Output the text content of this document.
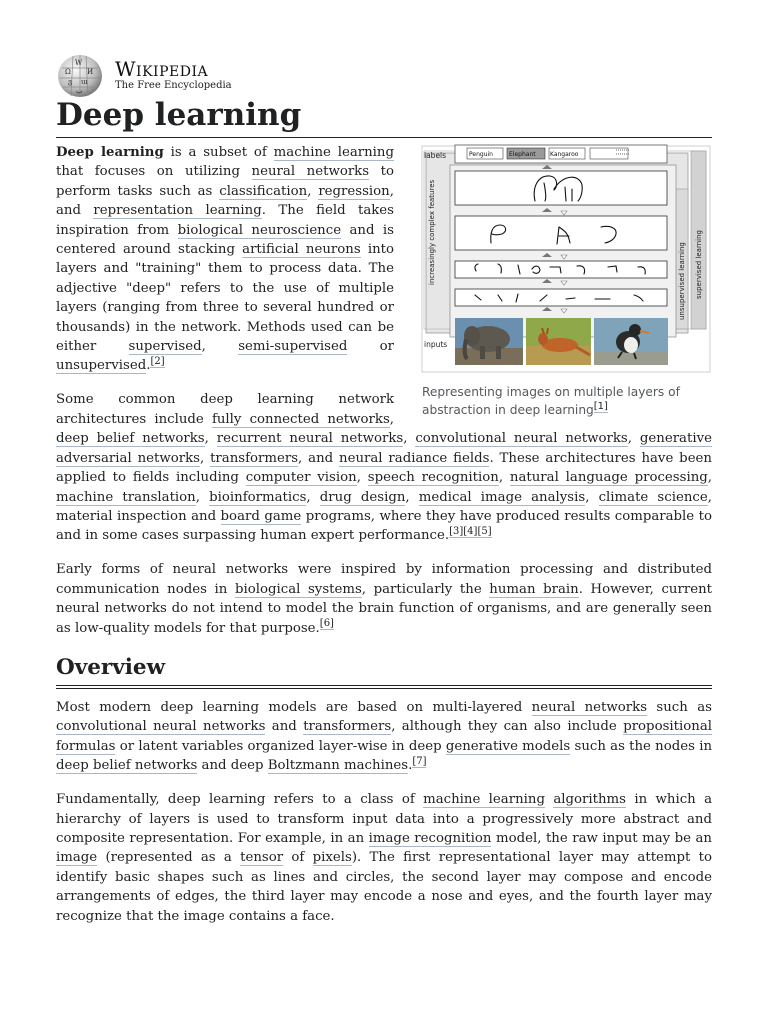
Ω
W
И
ვ ա
ب
Wikipedia
The Free Encyclopedia
Deep learning
labels
inputs
Penguin	Elephant Kangaroo
increasingly complex features	unsupervised learning supervised learning
Representing images on multiple layers of abstraction in deep learning[1]

Deep learning is a subset of machine learning that focuses on utilizing neural networks to perform tasks such as classification, regression, and representation learning. The field takes inspiration from biological neuroscience and is centered around stacking artificial neurons into layers and "training" them to process data. The adjective "deep" refers to the use of multiple layers (ranging from three to several hundred or thousands) in the network. Methods used can be either supervised, semi-supervised or unsupervised.[2]

Some common deep learning network architectures include fully connected networks, deep belief networks, recurrent neural networks, convolutional neural networks, generative adversarial networks, transformers, and neural radiance fields. These architectures have been applied to fields including computer vision, speech recognition, natural language processing, machine translation, bioinformatics, drug design, medical image analysis, climate science, material inspection and board game programs, where they have produced results comparable to and in some cases surpassing human expert performance.[3][4][5]

Early forms of neural networks were inspired by information processing and distributed communication nodes in biological systems, particularly the human brain. However, current neural networks do not intend to model the brain function of organisms, and are generally seen as low-quality models for that purpose.[6]

Overview

Most modern deep learning models are based on multi-layered neural networks such as convolutional neural networks and transformers, although they can also include propositional formulas or latent variables organized layer-wise in deep generative models such as the nodes in deep belief networks and deep Boltzmann machines.[7]

Fundamentally, deep learning refers to a class of machine learning algorithms in which a hierarchy of layers is used to transform input data into a progressively more abstract and composite representation. For example, in an image recognition model, the raw input may be an image (represented as a tensor of pixels). The first representational layer may attempt to identify basic shapes such as lines and circles, the second layer may compose and encode arrangements of edges, the third layer may encode a nose and eyes, and the fourth layer may recognize that the image contains a face.
